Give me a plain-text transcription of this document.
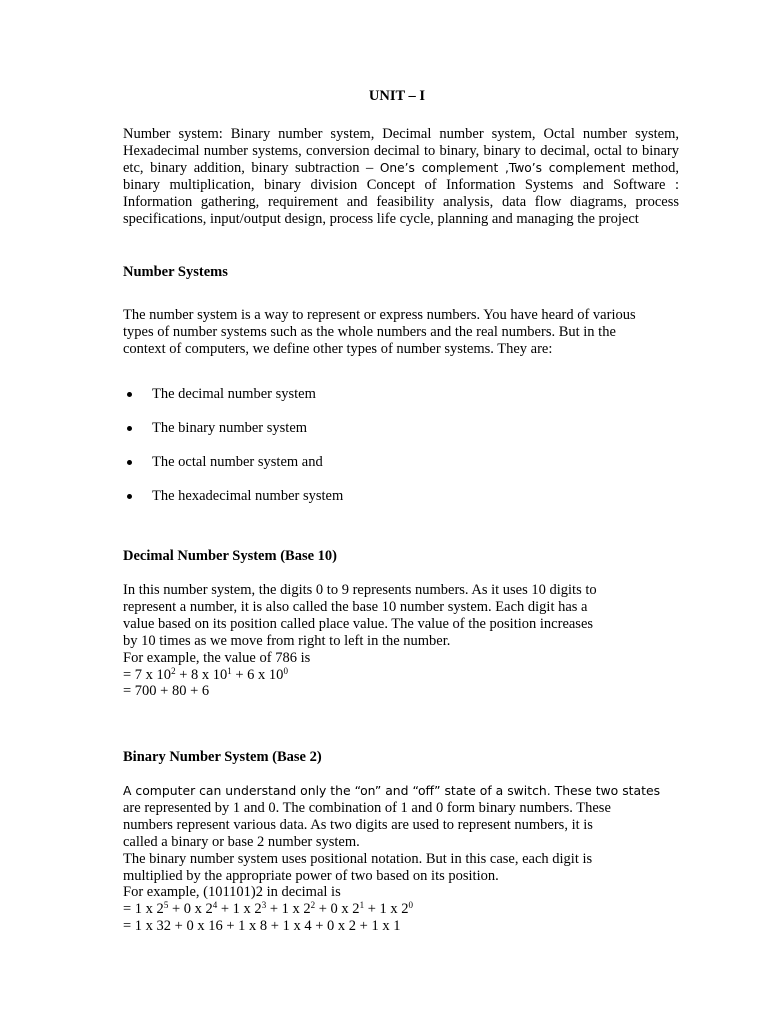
UNIT – I

Number system: Binary number system, Decimal number system, Octal number system, Hexadecimal number systems, conversion decimal to binary, binary to decimal, octal to binary etc, binary addition, binary subtraction – One’s complement ,Two’s complement method, binary multiplication, binary division Concept of Information Systems and Software : Information gathering, requirement and feasibility analysis, data flow diagrams, process specifications, input/output design, process life cycle, planning and managing the project

Number Systems

The number system is a way to represent or express numbers. You have heard of various
types of number systems such as the whole numbers and the real numbers. But in the
context of computers, we define other types of number systems. They are:

The decimal number system
The binary number system
The octal number system and
The hexadecimal number system
Decimal Number System (Base 10)

In this number system, the digits 0 to 9 represents numbers. As it uses 10 digits to
represent a number, it is also called the base 10 number system. Each digit has a
value based on its position called place value. The value of the position increases
by 10 times as we move from right to left in the number.
For example, the value of 786 is
= 7 x $10^2 + 8$ x $10^1 + 6$ x $10^0$
= 700 + 80 + 6

Binary Number System (Base 2)

A computer can understand only the “on” and “off” state of a switch. These two states
are represented by 1 and 0. The combination of 1 and 0 form binary numbers. These
numbers represent various data. As two digits are used to represent numbers, it is
called a binary or base 2 number system.
The binary number system uses positional notation. But in this case, each digit is
multiplied by the appropriate power of two based on its position.
For example, (101101)2 in decimal is
= 1 x $2^5 + 0$ x $2^4 + 1$ x $2^3 + 1$ x $2^2 + 0$ x $2^1 + 1$ x $2^0$
= 1 x 32 + 0 x 16 + 1 x 8 + 1 x 4 + 0 x 2 + 1 x 1
